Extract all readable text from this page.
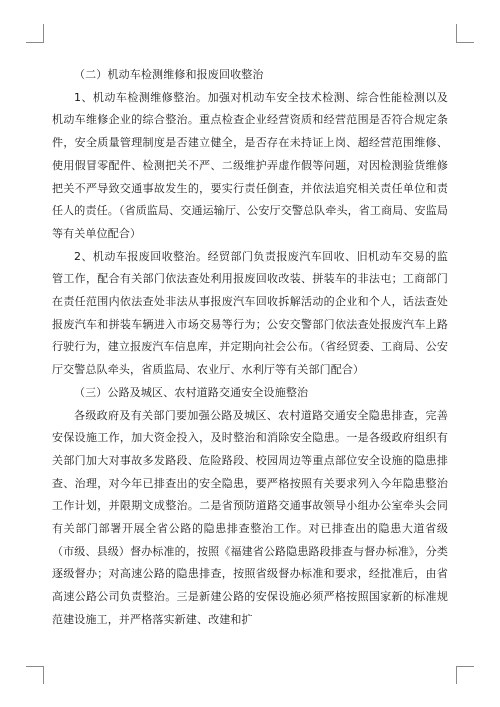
（二）机动车检测维修和报废回收整治

1、机动车检测维修整治。加强对机动车安全技术检测、综合性能检测以及机动车维修企业的综合整治。重点检查企业经营资质和经营范围是否符合规定条件，安全质量管理制度是否建立健全，是否存在未持证上岗、超经营范围维修、使用假冒零配件、检测把关不严、二级维护弄虚作假等问题，对因检测验货维修把关不严导致交通事故发生的，要实行责任倒查，并依法追究相关责任单位和责任人的责任。（省质监局、交通运输厅、公安厅交警总队牵头，省工商局、安监局等有关单位配合）

2、机动车报废回收整治。经贸部门负责报废汽车回收、旧机动车交易的监管工作，配合有关部门依法查处利用报废回收改装、拼装车的非法屯；工商部门在责任范围内依法查处非法从事报废汽车回收拆解活动的企业和个人，话法查处报废汽车和拼装车辆进入市场交易等行为；公安交警部门依法查处报废汽车上路行驶行为，建立报废汽车信息库，并定期向社会公布。（省经贸委、工商局、公安厅交警总队牵头，省质监局、农业厅、水利厅等有关部门配合）

（三）公路及城区、农村道路交通安全设施整治

各级政府及有关部门要加强公路及城区、农村道路交通安全隐患排查，完善安保设施工作，加大资金投入，及时整治和消除安全隐患。一是各级政府组织有关部门加大对事故多发路段、危险路段、校园周边等重点部位安全设施的隐患排查、治理，对今年已排查出的安全隐患，要严格按照有关要求列入今年隐患整治工作计划，并限期文成整治。二是省预防道路交通事故领导小组办公室牵头会同有关部门部署开展全省公路的隐患排查整治工作。对已排查出的隐患大道省级（市级、县级）督办标准的，按照《福建省公路隐患路段排查与督办标准》，分类逐级督办；对高速公路的隐患排查，按照省级督办标准和要求，经批准后，由省高速公路公司负责整治。三是新建公路的安保设施必须严格按照国家新的标准规范建设施工，并严格落实新建、改建和扩
